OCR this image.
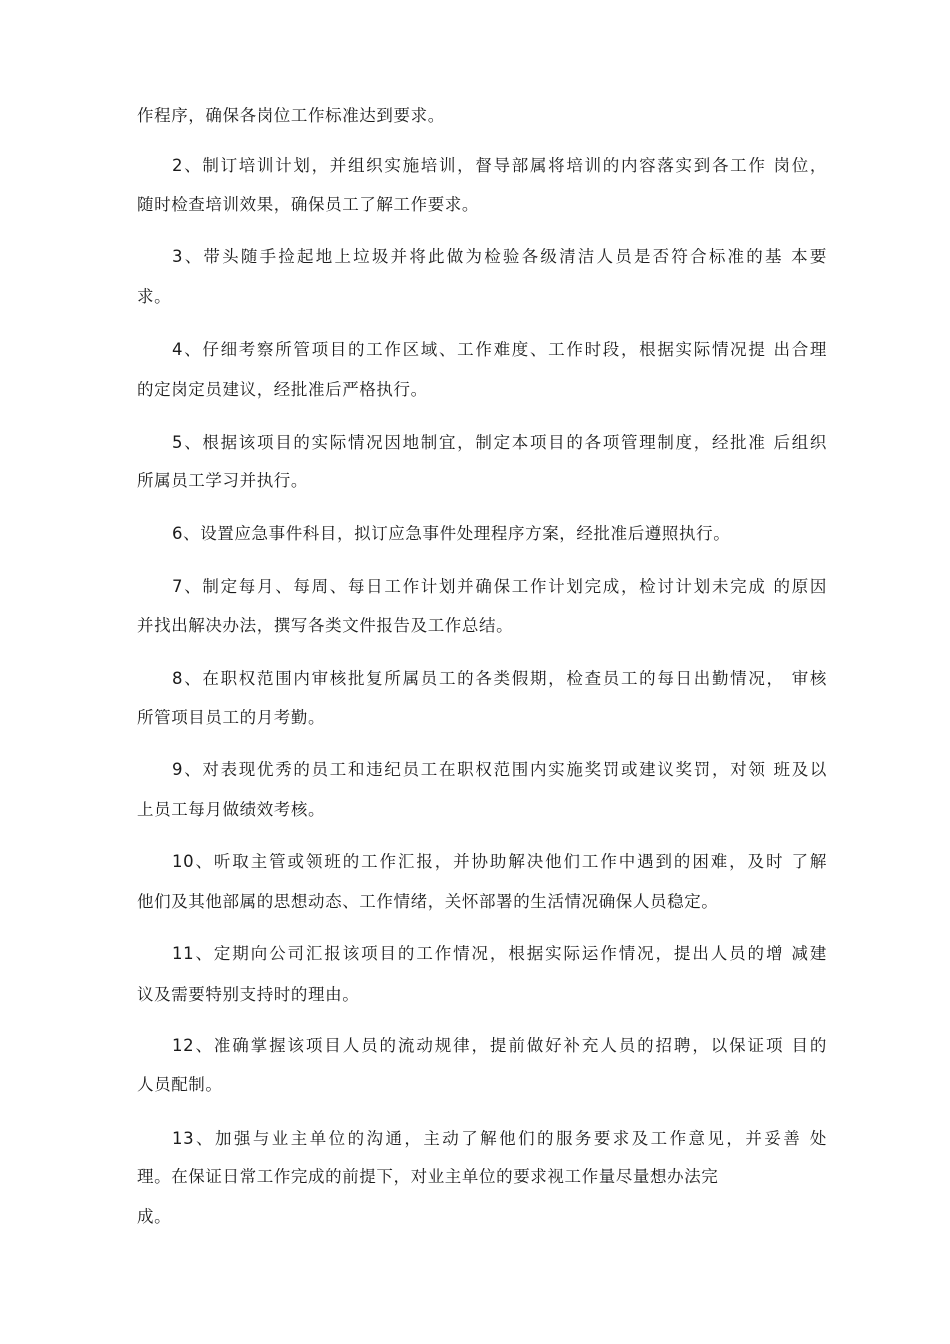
作程序，确保各岗位工作标准达到要求。
2、制订培训计划，并组织实施培训，督导部属将培训的内容落实到各工作 岗位，
随时检查培训效果，确保员工了解工作要求。
3、带头随手捡起地上垃圾并将此做为检验各级清洁人员是否符合标准的基 本要
求。
4、仔细考察所管项目的工作区域、工作难度、工作时段，根据实际情况提 出合理
的定岗定员建议，经批准后严格执行。
5、根据该项目的实际情况因地制宜，制定本项目的各项管理制度，经批准 后组织
所属员工学习并执行。
6、设置应急事件科目，拟订应急事件处理程序方案，经批准后遵照执行。
7、制定每月、每周、每日工作计划并确保工作计划完成，检讨计划未完成 的原因
并找出解决办法，撰写各类文件报告及工作总结。
8、在职权范围内审核批复所属员工的各类假期，检查员工的每日出勤情况， 审核
所管项目员工的月考勤。
9、对表现优秀的员工和违纪员工在职权范围内实施奖罚或建议奖罚，对领 班及以
上员工每月做绩效考核。
10、听取主管或领班的工作汇报，并协助解决他们工作中遇到的困难，及时 了解
他们及其他部属的思想动态、工作情绪，关怀部署的生活情况确保人员稳定。
11、定期向公司汇报该项目的工作情况，根据实际运作情况，提出人员的增 减建
议及需要特别支持时的理由。
12、准确掌握该项目人员的流动规律，提前做好补充人员的招聘，以保证项 目的
人员配制。
13、加强与业主单位的沟通，主动了解他们的服务要求及工作意见，并妥善 处
理。在保证日常工作完成的前提下，对业主单位的要求视工作量尽量想办法完
成。
